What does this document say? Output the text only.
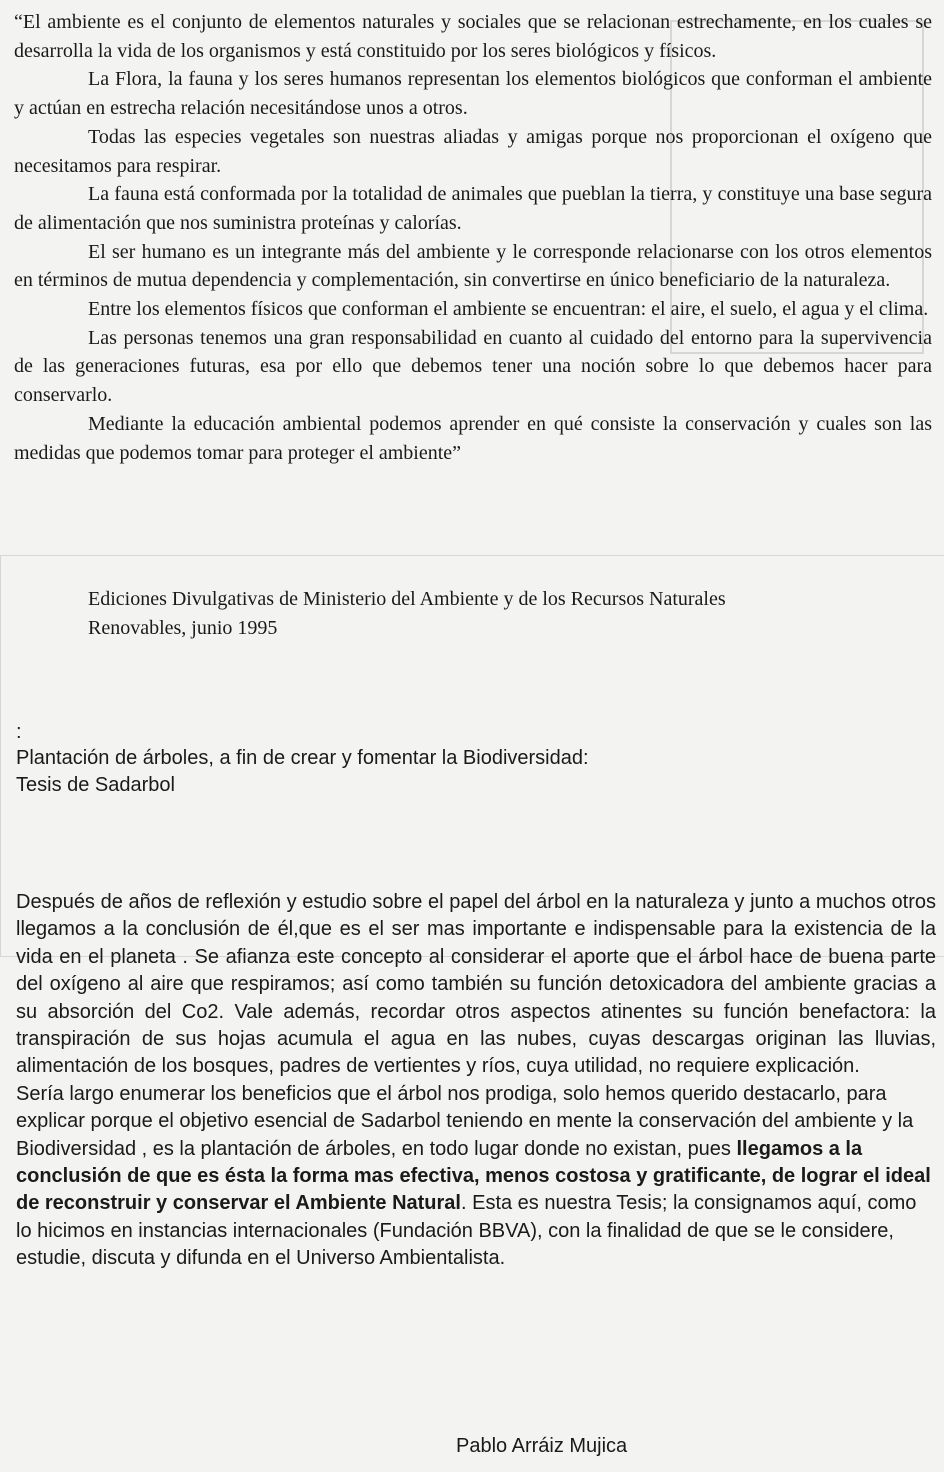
“El ambiente es el conjunto de elementos naturales y sociales que se relacionan estrechamente, en los cuales se desarrolla la vida de los organismos y está constituido por los seres biológicos y físicos.

La Flora, la fauna y los seres humanos representan los elementos biológicos que conforman el ambiente y actúan en estrecha relación necesitándose unos a otros.

Todas las especies vegetales son nuestras aliadas y amigas porque nos proporcionan el oxígeno que necesitamos para respirar.

La fauna está conformada por la totalidad de animales que pueblan la tierra, y constituye una base segura de alimentación que nos suministra proteínas y calorías.

El ser humano es un integrante más del ambiente y le corresponde relacionarse con los otros elementos en términos de mutua dependencia y complementación, sin convertirse en único beneficiario de la naturaleza.

Entre los elementos físicos que conforman el ambiente se encuentran: el aire, el suelo, el agua y el clima.

Las personas tenemos una gran responsabilidad en cuanto al cuidado del entorno para la supervivencia de las generaciones futuras, esa por ello que debemos tener una noción sobre lo que debemos hacer para conservarlo.

Mediante la educación ambiental podemos aprender en qué consiste la conservación y cuales son las medidas que podemos tomar para proteger el ambiente”

Ediciones Divulgativas de Ministerio del Ambiente y de los Recursos Naturales

Renovables, junio 1995

:
Plantación de árboles, a fin de crear y fomentar la Biodiversidad:
Tesis de Sadarbol

Después de años de reflexión y estudio sobre el papel del árbol en la naturaleza y junto a muchos otros llegamos a la conclusión de él,que es el ser mas importante e indispensable para la existencia de la vida en el planeta . Se afianza este concepto al considerar el aporte que el árbol hace de buena parte del oxígeno al aire que respiramos; así como también su función detoxicadora del ambiente gracias a su absorción del Co2. Vale además, recordar otros aspectos atinentes su función benefactora: la transpiración de sus hojas acumula el agua en las nubes, cuyas descargas originan las lluvias, alimentación de los bosques, padres de vertientes y ríos, cuya utilidad, no requiere explicación.

Sería largo enumerar los beneficios que el árbol nos prodiga, solo hemos querido destacarlo, para explicar porque el objetivo esencial de Sadarbol teniendo en mente la conservación del ambiente y la Biodiversidad , es la plantación de árboles, en todo lugar donde no existan, pues llegamos a la conclusión de que es ésta la forma mas efectiva, menos costosa y gratificante, de lograr el ideal de reconstruir y conservar el Ambiente Natural. Esta es nuestra Tesis; la consignamos aquí, como lo hicimos en instancias internacionales (Fundación BBVA), con la finalidad de que se le considere, estudie, discuta y difunda en el Universo Ambientalista.

Pablo Arráiz Mujica
